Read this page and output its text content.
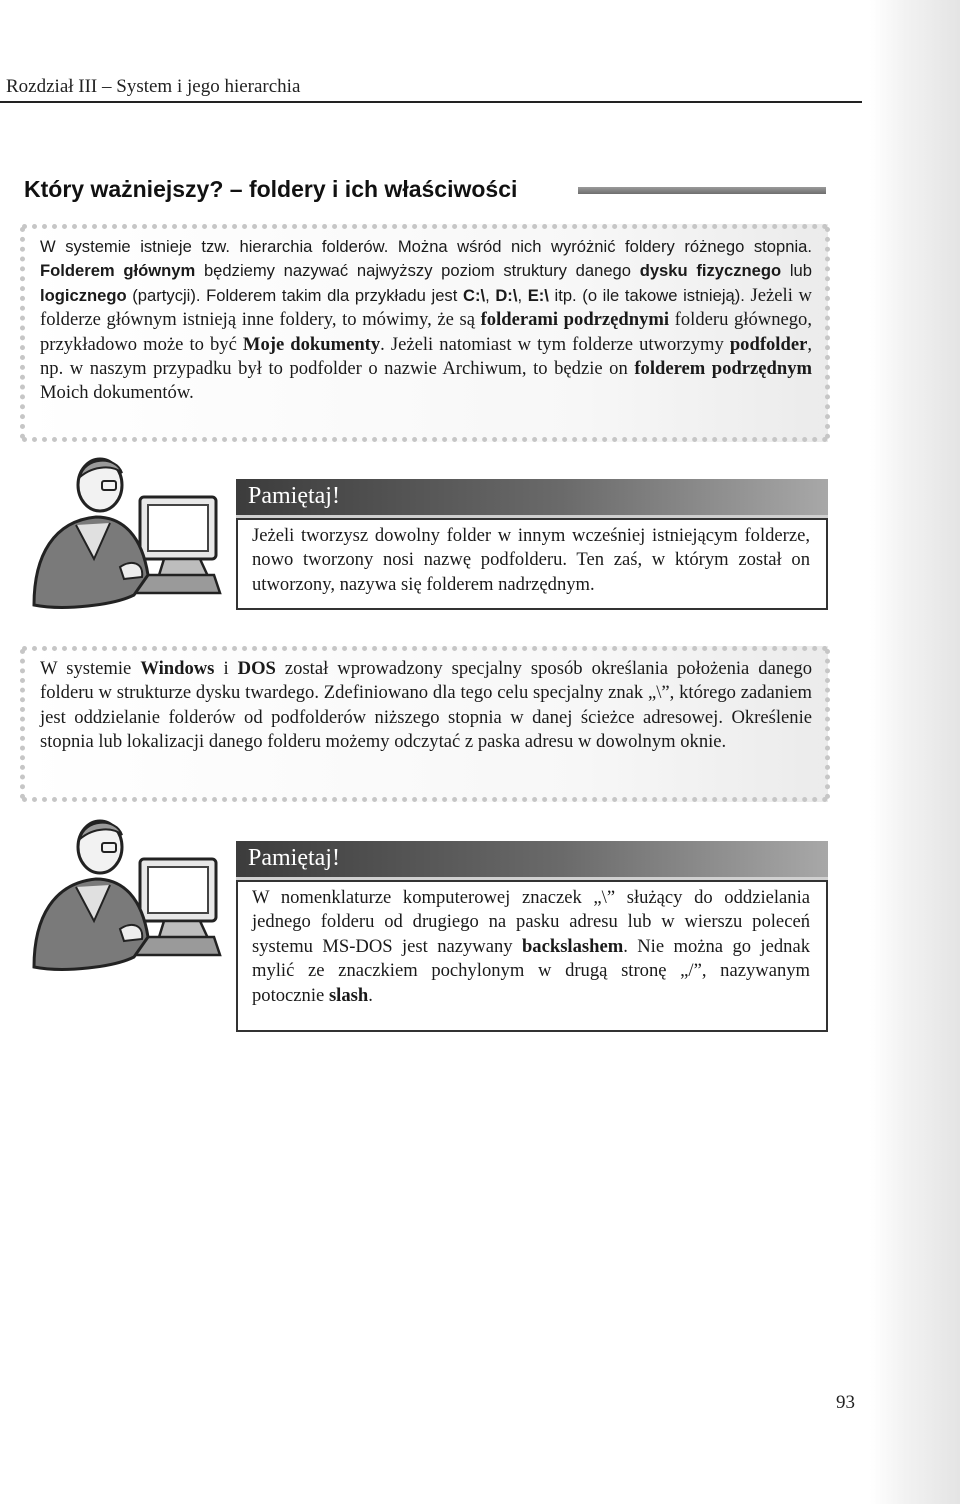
Rozdział III – System i jego hierarchia
Który ważniejszy? – foldery i ich właściwości

W systemie istnieje tzw. hierarchia folderów. Można wśród nich wyróżnić foldery różnego stopnia. Folderem głównym będziemy nazywać najwyższy poziom struktury danego dysku fizycznego lub logicznego (partycji). Folderem takim dla przykładu jest C:\, D:\, E:\ itp. (o ile takowe istnieją). Jeżeli w folderze głównym istnieją inne foldery, to mówimy, że są folderami podrzędnymi folderu głównego, przykładowo może to być Moje dokumenty. Jeżeli natomiast w tym folderze utworzymy podfolder, np. w naszym przypadku był to podfolder o nazwie Archiwum, to będzie on folderem podrzędnym Moich dokumentów.

Pamiętaj!

Jeżeli tworzysz dowolny folder w innym wcześniej istniejącym folderze, nowo tworzony nosi nazwę podfolderu. Ten zaś, w którym został on utworzony, nazywa się folderem nadrzędnym.

W systemie Windows i DOS został wprowadzony specjalny sposób określania położenia danego folderu w strukturze dysku twardego. Zdefiniowano dla tego celu specjalny znak „\”, którego zadaniem jest oddzielanie folderów od podfolderów niższego stopnia w danej ścieżce adresowej. Określenie stopnia lub lokalizacji danego folderu możemy odczytać z paska adresu w dowolnym oknie.

Pamiętaj!

W nomenklaturze komputerowej znaczek „\” służący do oddzielania jednego folderu od drugiego na pasku adresu lub w wierszu poleceń systemu MS-DOS jest nazywany backslashem. Nie można go jednak mylić ze znaczkiem pochylonym w drugą stronę „/”, nazywanym potocznie slash.

93
